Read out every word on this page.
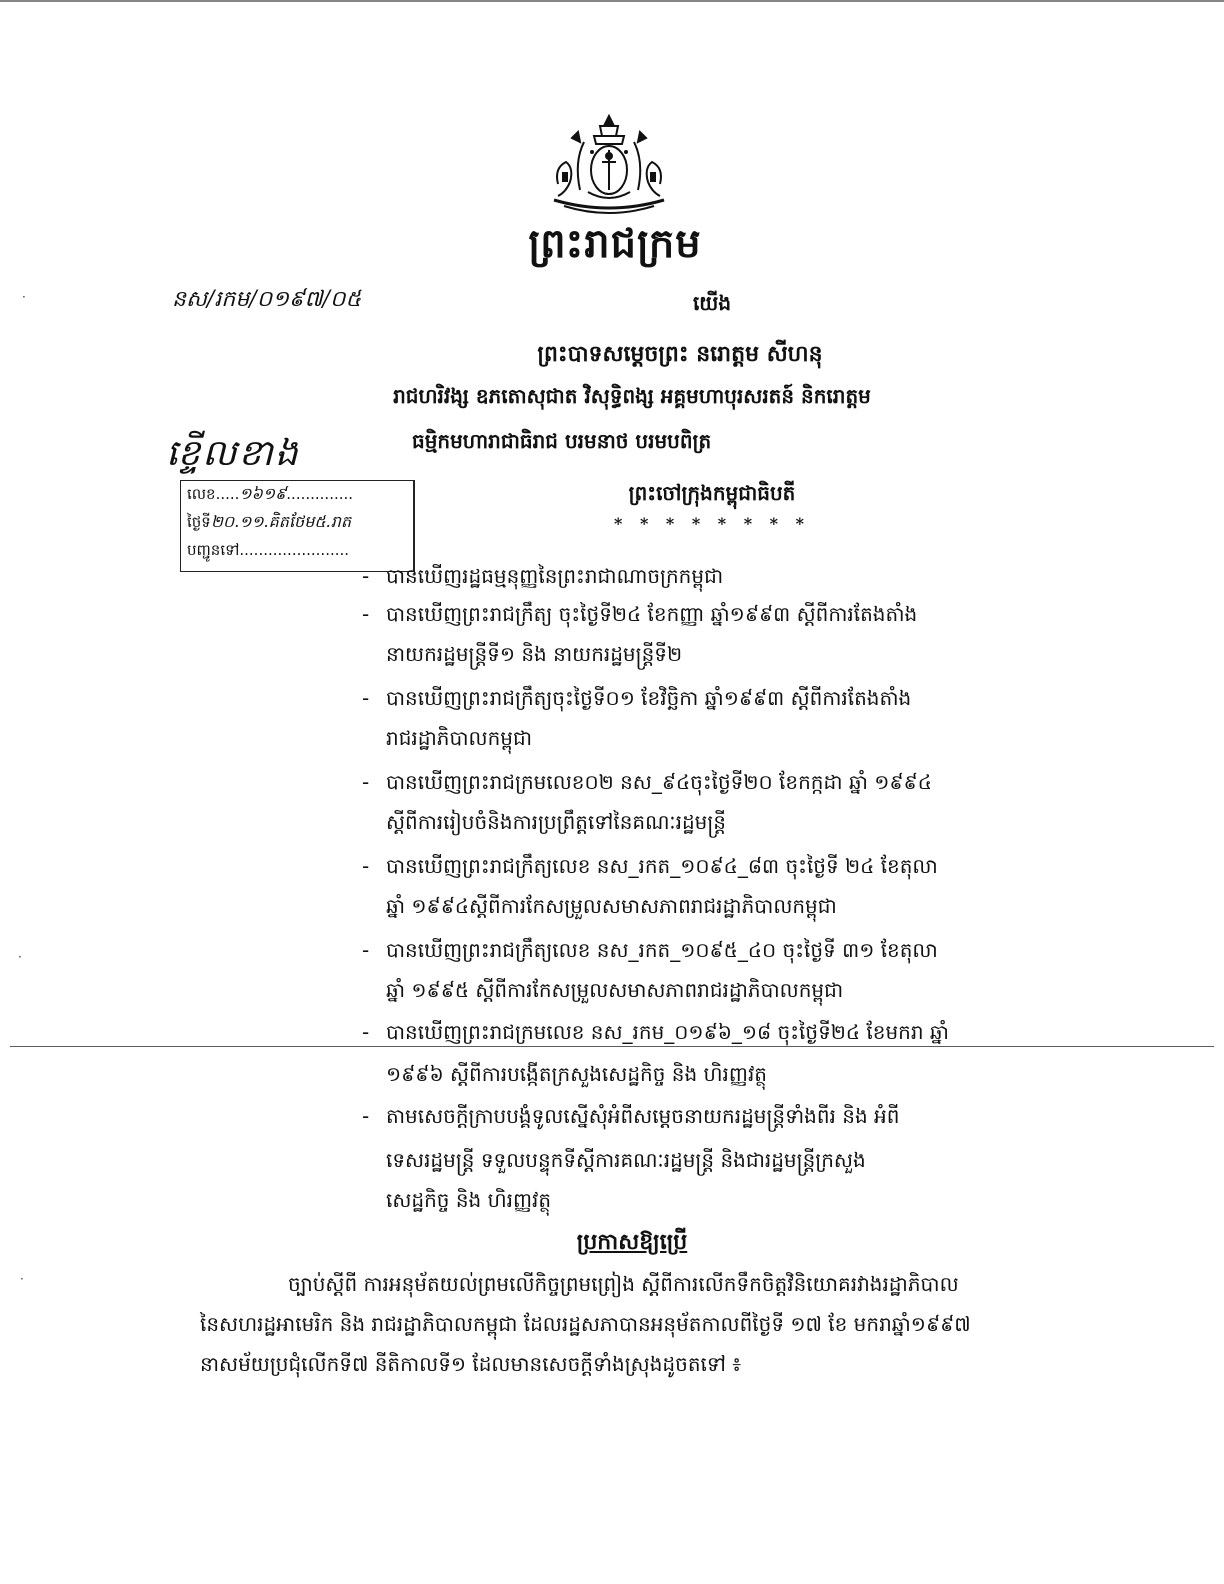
ព្រះរាជក្រម
នស/រកម/០១៩៧/០៥	យើង
ព្រះបាទសម្ដេចព្រះ នរោត្តម សីហនុ
រាជហរិវង្ស ឧភតោសុជាត វិសុទ្ធិពង្ស អគ្គមហាបុរសរតន៍ និករោត្តម
ធម្មិកមហារាជាធិរាជ បរមនាថ បរមបពិត្រ
ព្រះចៅក្រុងកម្ពុជាធិបតី
* * * * * * * *
ខ្ទើលខាង
លេខ.....១៦១៩..............
ថ្ងៃទី២០.១១.គិតថែម៥.រាត
បញ្ជូនទៅ.......................
- បានឃើញរដ្ឋធម្មនុញ្ញនៃព្រះរាជាណាចក្រកម្ពុជា
- បានឃើញព្រះរាជក្រឹត្យ ចុះថ្ងៃទី២៤ ខែកញ្ញា ឆ្នាំ១៩៩៣ ស្ដីពីការតែងតាំង
នាយករដ្ឋមន្ត្រីទី១ និង នាយករដ្ឋមន្ត្រីទី២
- បានឃើញព្រះរាជក្រឹត្យចុះថ្ងៃទី០១ ខែវិច្ឆិកា ឆ្នាំ១៩៩៣ ស្ដីពីការតែងតាំង
រាជរដ្ឋាភិបាលកម្ពុជា
- បានឃើញព្រះរាជក្រមលេខ០២ នស_៩៤ចុះថ្ងៃទី២០ ខែកក្កដា ឆ្នាំ ១៩៩៤
ស្ដីពីការរៀបចំនិងការប្រព្រឹត្តទៅនៃគណៈរដ្ឋមន្ត្រី
- បានឃើញព្រះរាជក្រឹត្យលេខ នស_រកត_១០៩៤_៨៣ ចុះថ្ងៃទី ២៤ ខែតុលា
ឆ្នាំ ១៩៩៤ស្ដីពីការកែសម្រួលសមាសភាពរាជរដ្ឋាភិបាលកម្ពុជា
- បានឃើញព្រះរាជក្រឹត្យលេខ នស_រកត_១០៩៥_៤០ ចុះថ្ងៃទី ៣១ ខែតុលា
ឆ្នាំ ១៩៩៥ ស្ដីពីការកែសម្រួលសមាសភាពរាជរដ្ឋាភិបាលកម្ពុជា
- បានឃើញព្រះរាជក្រមលេខ នស_រកម_០១៩៦_១៨ ចុះថ្ងៃទី២៤ ខែមករា ឆ្នាំ
១៩៩៦ ស្ដីពីការបង្កើតក្រសួងសេដ្ឋកិច្ច និង ហិរញ្ញវត្ថុ
- តាមសេចក្ដីក្រាបបង្គំទូលស្នើសុំអំពីសម្ដេចនាយករដ្ឋមន្ត្រីទាំងពីរ និង អំពី
ទេសរដ្ឋមន្ត្រី ទទួលបន្ទុកទីស្ដីការគណៈរដ្ឋមន្ត្រី និងជារដ្ឋមន្ត្រីក្រសួង
សេដ្ឋកិច្ច និង ហិរញ្ញវត្ថុ
ប្រកាសឱ្យប្រើ
ច្បាប់ស្ដីពី ការអនុម័តយល់ព្រមលើកិច្ចព្រមព្រៀង ស្ដីពីការលើកទឹកចិត្តវិនិយោគរវាងរដ្ឋាភិបាល
នៃសហរដ្ឋអាមេរិក និង រាជរដ្ឋាភិបាលកម្ពុជា ដែលរដ្ឋសភាបានអនុម័តកាលពីថ្ងៃទី ១៧ ខែ មករាឆ្នាំ១៩៩៧
នាសម័យប្រជុំលើកទី៧ នីតិកាលទី១ ដែលមានសេចក្ដីទាំងស្រុងដូចតទៅ ៖
·
·
·
